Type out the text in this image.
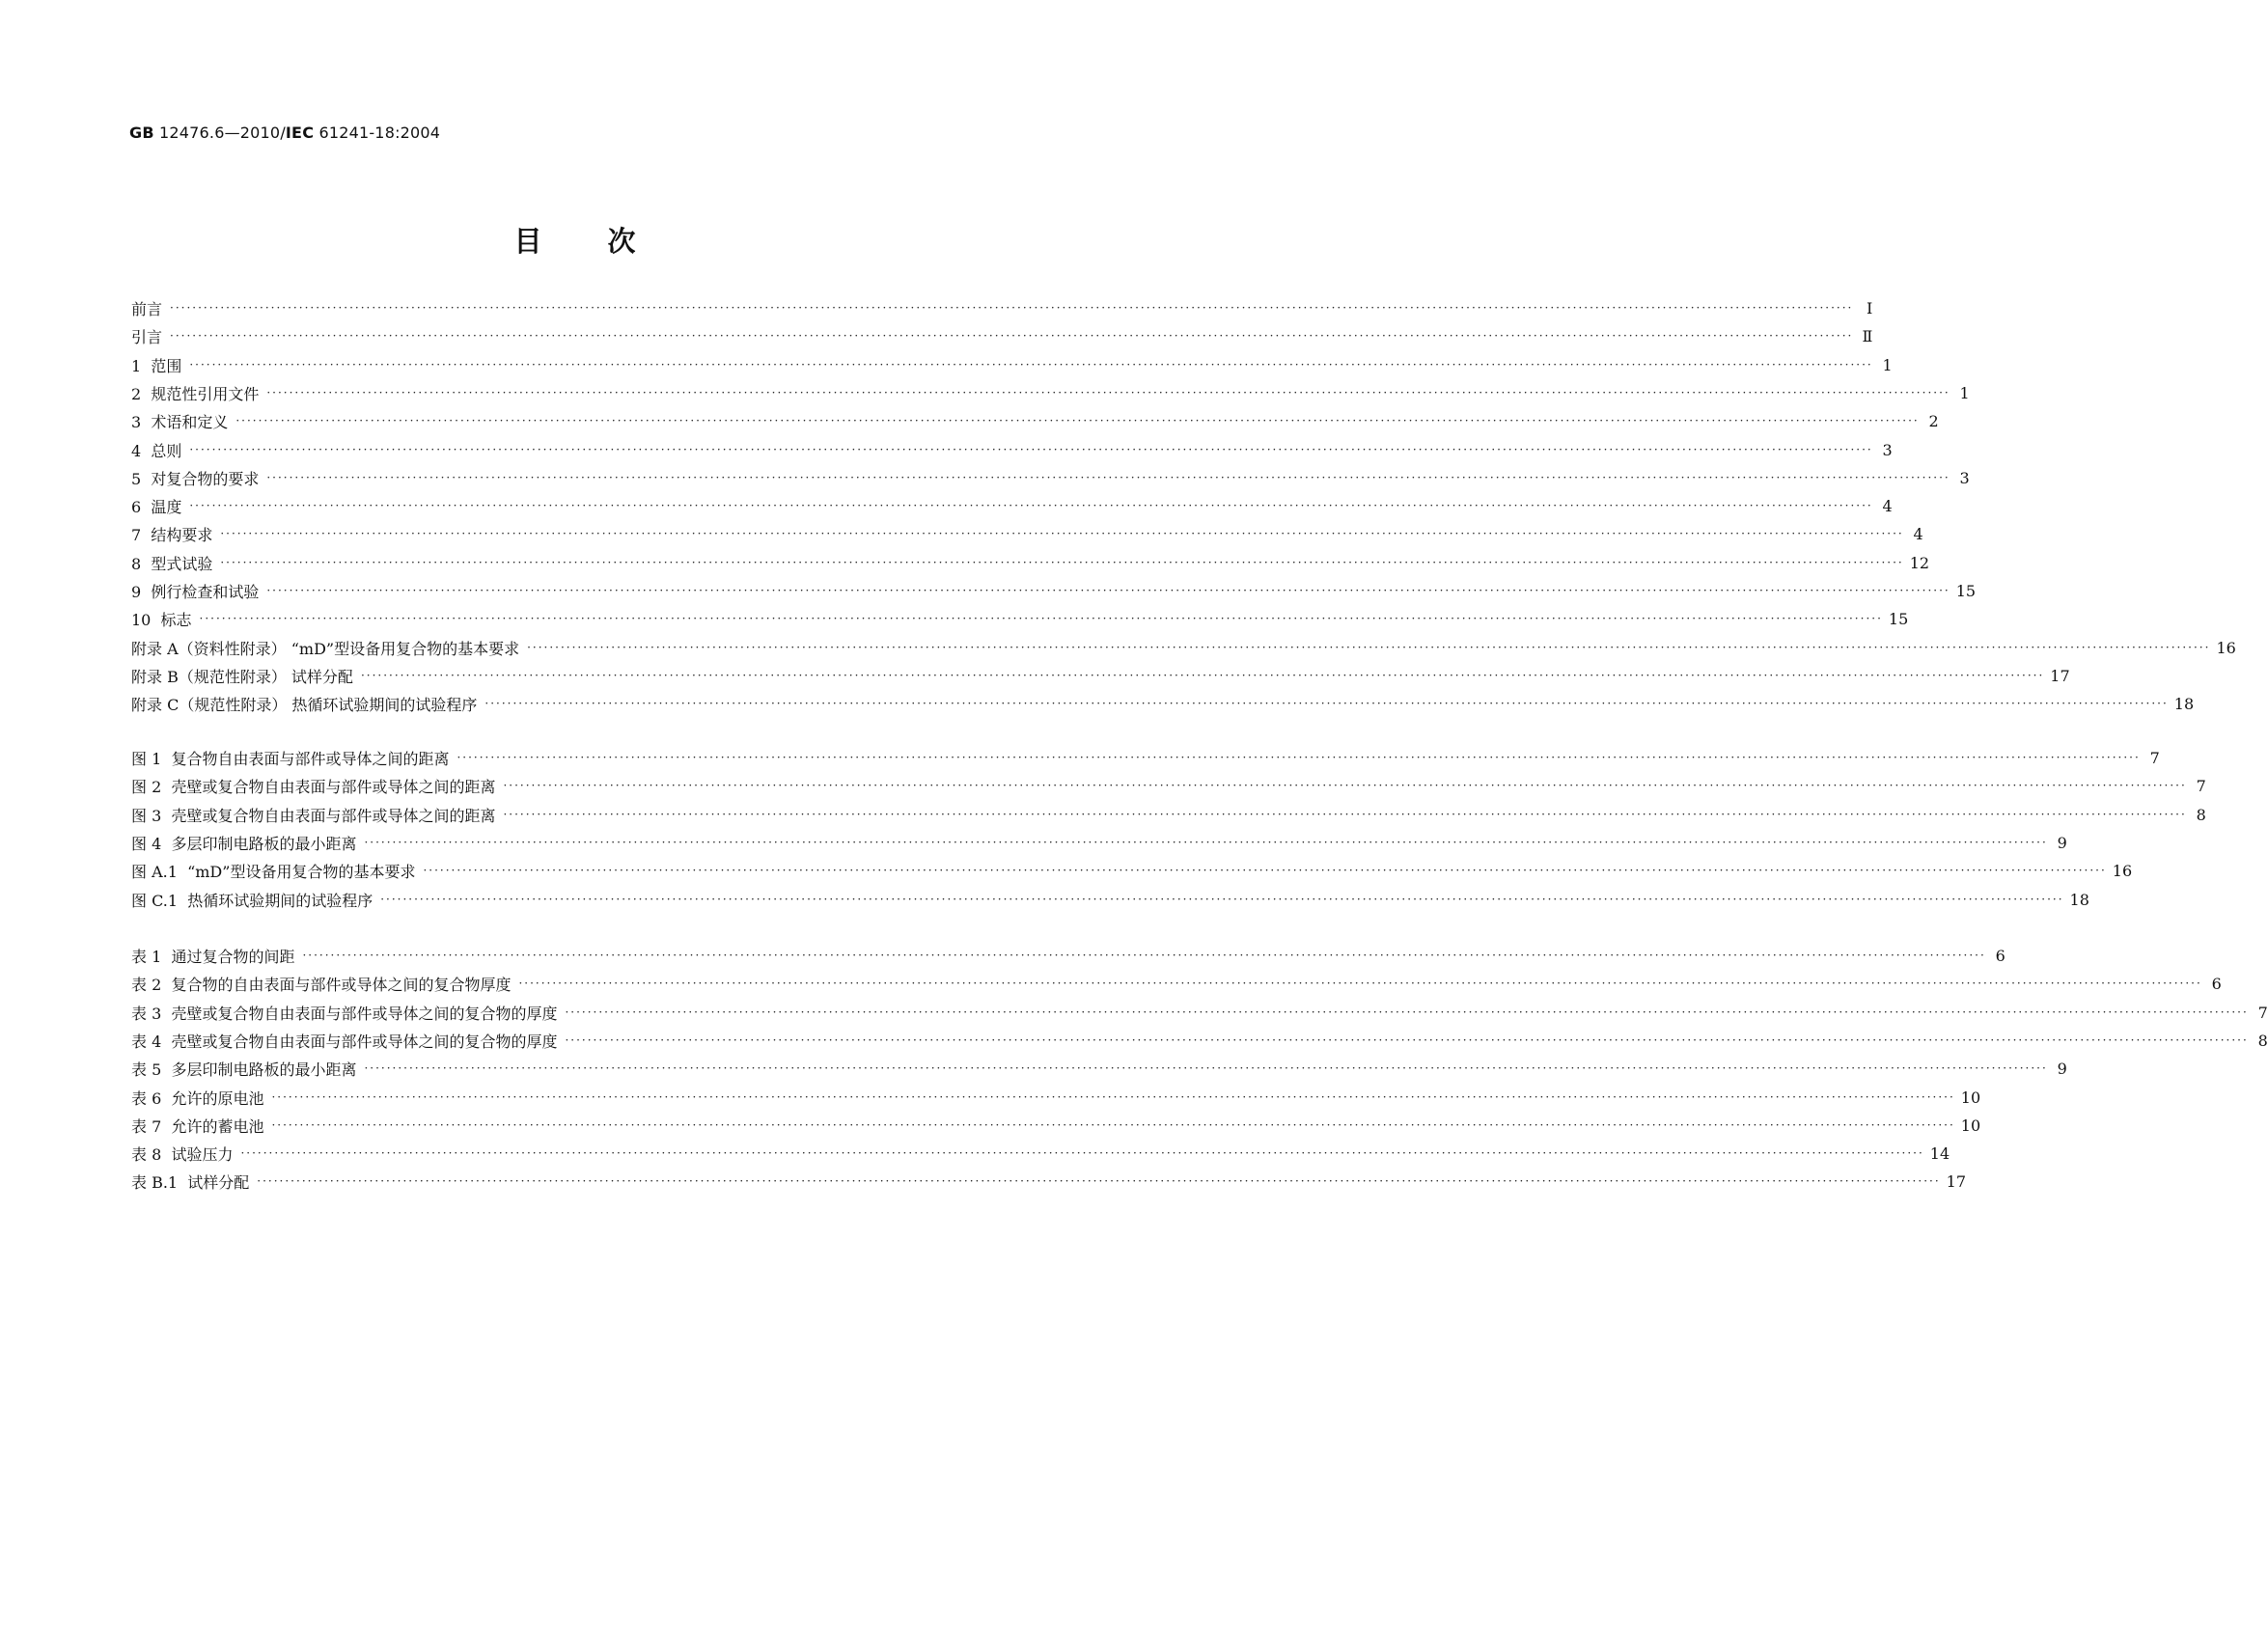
GB 12476.6—2010/IEC 61241-18:2004
目次
前言 ············································································································································································································································································································ Ⅰ
引言 ············································································································································································································································································································ Ⅱ
1  范围 ············································································································································································································································································································ 1
2  规范性引用文件 ············································································································································································································································································································ 1
3  术语和定义 ············································································································································································································································································································ 2
4  总则 ············································································································································································································································································································ 3
5  对复合物的要求 ············································································································································································································································································································ 3
6  温度 ············································································································································································································································································································ 4
7  结构要求 ············································································································································································································································································································ 4
8  型式试验 ············································································································································································································································································································ 12
9  例行检查和试验 ············································································································································································································································································································ 15
10  标志 ············································································································································································································································································································ 15
附录 A（资料性附录） “mD”型设备用复合物的基本要求 ············································································································································································································································································································ 16
附录 B（规范性附录） 试样分配 ············································································································································································································································································································ 17
附录 C（规范性附录） 热循环试验期间的试验程序 ············································································································································································································································································································ 18
图 1  复合物自由表面与部件或导体之间的距离 ············································································································································································································································································································ 7
图 2  壳壁或复合物自由表面与部件或导体之间的距离 ············································································································································································································································································································ 7
图 3  壳壁或复合物自由表面与部件或导体之间的距离 ············································································································································································································································································································ 8
图 4  多层印制电路板的最小距离 ············································································································································································································································································································ 9
图 A.1  “mD”型设备用复合物的基本要求 ············································································································································································································································································································ 16
图 C.1  热循环试验期间的试验程序 ············································································································································································································································································································ 18
表 1  通过复合物的间距 ············································································································································································································································································································ 6
表 2  复合物的自由表面与部件或导体之间的复合物厚度 ············································································································································································································································································································ 6
表 3  壳壁或复合物自由表面与部件或导体之间的复合物的厚度 ············································································································································································································································································································ 7
表 4  壳壁或复合物自由表面与部件或导体之间的复合物的厚度 ············································································································································································································································································································ 8
表 5  多层印制电路板的最小距离 ············································································································································································································································································································ 9
表 6  允许的原电池 ············································································································································································································································································································ 10
表 7  允许的蓄电池 ············································································································································································································································································································ 10
表 8  试验压力 ············································································································································································································································································································ 14
表 B.1  试样分配 ············································································································································································································································································································ 17
